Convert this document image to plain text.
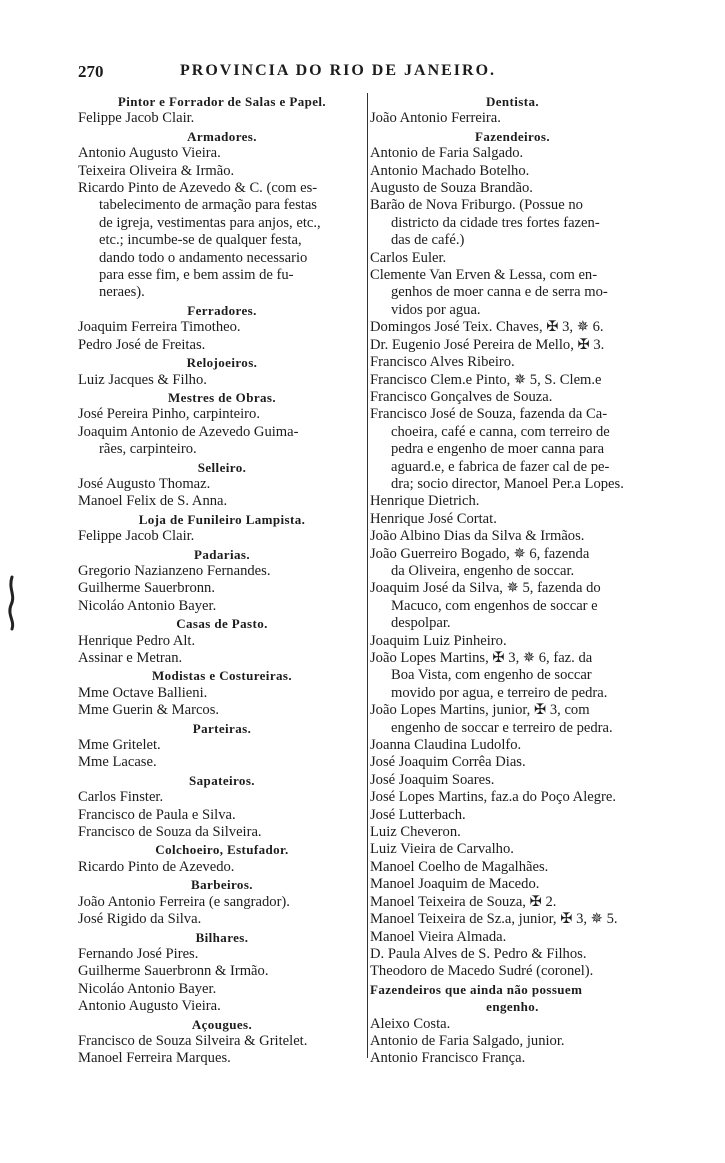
270	PROVINCIA DO RIO DE JANEIRO.
Pintor e Forrador de Salas e Papel.
Felippe Jacob Clair.
Armadores.
Antonio Augusto Vieira.
Teixeira Oliveira & Irmão.
Ricardo Pinto de Azevedo & C. (com es-
tabelecimento de armação para festas
de igreja, vestimentas para anjos, etc.,
etc.; incumbe-se de qualquer festa,
dando todo o andamento necessario
para esse fim, e bem assim de fu-
neraes).
Ferradores.
Joaquim Ferreira Timotheo.
Pedro José de Freitas.
Relojoeiros.
Luiz Jacques & Filho.
Mestres de Obras.
José Pereira Pinho, carpinteiro.
Joaquim Antonio de Azevedo Guima-
rães, carpinteiro.
Selleiro.
José Augusto Thomaz.
Manoel Felix de S. Anna.
Loja de Funileiro Lampista.
Felippe Jacob Clair.
Padarias.
Gregorio Nazianzeno Fernandes.
Guilherme Sauerbronn.
Nicoláo Antonio Bayer.
Casas de Pasto.
Henrique Pedro Alt.
Assinar e Metran.
Modistas e Costureiras.
Mme Octave Ballieni.
Mme Guerin & Marcos.
Parteiras.
Mme Gritelet.
Mme Lacase.
Sapateiros.
Carlos Finster.
Francisco de Paula e Silva.
Francisco de Souza da Silveira.
Colchoeiro, Estufador.
Ricardo Pinto de Azevedo.
Barbeiros.
João Antonio Ferreira (e sangrador).
José Rigido da Silva.
Bilhares.
Fernando José Pires.
Guilherme Sauerbronn & Irmão.
Nicoláo Antonio Bayer.
Antonio Augusto Vieira.
Açougues.
Francisco de Souza Silveira & Gritelet.
Manoel Ferreira Marques.
Dentista.
João Antonio Ferreira.
Fazendeiros.
Antonio de Faria Salgado.
Antonio Machado Botelho.
Augusto de Souza Brandão.
Barão de Nova Friburgo. (Possue no
districto da cidade tres fortes fazen-
das de café.)
Carlos Euler.
Clemente Van Erven & Lessa, com en-
genhos de moer canna e de serra mo-
vidos por agua.
Domingos José Teix. Chaves, ✠ 3, ✵ 6.
Dr. Eugenio José Pereira de Mello, ✠ 3.
Francisco Alves Ribeiro.
Francisco Clem.e Pinto, ✵ 5, S. Clem.e
Francisco Gonçalves de Souza.
Francisco José de Souza, fazenda da Ca-
choeira, café e canna, com terreiro de
pedra e engenho de moer canna para
aguard.e, e fabrica de fazer cal de pe-
dra; socio director, Manoel Per.a Lopes.
Henrique Dietrich.
Henrique José Cortat.
João Albino Dias da Silva & Irmãos.
João Guerreiro Bogado, ✵ 6, fazenda
da Oliveira, engenho de soccar.
Joaquim José da Silva, ✵ 5, fazenda do
Macuco, com engenhos de soccar e
despolpar.
Joaquim Luiz Pinheiro.
João Lopes Martins, ✠ 3, ✵ 6, faz. da
Boa Vista, com engenho de soccar
movido por agua, e terreiro de pedra.
João Lopes Martins, junior, ✠ 3, com
engenho de soccar e terreiro de pedra.
Joanna Claudina Ludolfo.
José Joaquim Corrêa Dias.
José Joaquim Soares.
José Lopes Martins, faz.a do Poço Alegre.
José Lutterbach.
Luiz Cheveron.
Luiz Vieira de Carvalho.
Manoel Coelho de Magalhães.
Manoel Joaquim de Macedo.
Manoel Teixeira de Souza, ✠ 2.
Manoel Teixeira de Sz.a, junior, ✠ 3, ✵ 5.
Manoel Vieira Almada.
D. Paula Alves de S. Pedro & Filhos.
Theodoro de Macedo Sudré (coronel).
Fazendeiros que ainda não possuem
engenho.
Aleixo Costa.
Antonio de Faria Salgado, junior.
Antonio Francisco França.
